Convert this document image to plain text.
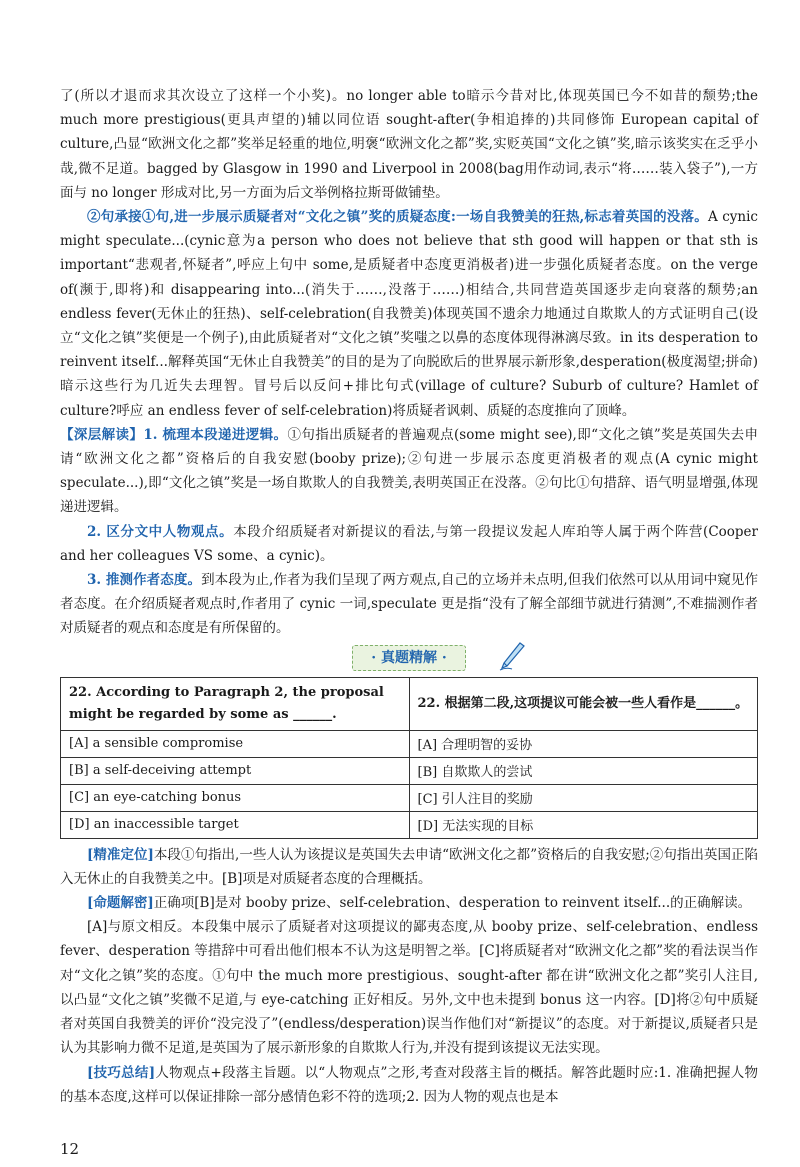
了(所以才退而求其次设立了这样一个小奖)。no longer able to暗示今昔对比,体现英国已今不如昔的颓势;the much more prestigious(更具声望的)辅以同位语 sought-after(争相追捧的)共同修饰 European capital of culture,凸显“欧洲文化之都”奖举足轻重的地位,明褒“欧洲文化之都”奖,实贬英国“文化之镇”奖,暗示该奖实在乏乎小哉,微不足道。bagged by Glasgow in 1990 and Liverpool in 2008(bag用作动词,表示“将……装入袋子”),一方面与 no longer 形成对比,另一方面为后文举例格拉斯哥做铺垫。

②句承接①句,进一步展示质疑者对“文化之镇”奖的质疑态度:一场自我赞美的狂热,标志着英国的没落。A cynic might speculate...(cynic意为a person who does not believe that sth good will happen or that sth is important“悲观者,怀疑者”,呼应上句中 some,是质疑者中态度更消极者)进一步强化质疑者态度。on the verge of(濒于,即将)和 disappearing into...(消失于……,没落于……)相结合,共同营造英国逐步走向衰落的颓势;an endless fever(无休止的狂热)、self-celebration(自我赞美)体现英国不遗余力地通过自欺欺人的方式证明自己(设立“文化之镇”奖便是一个例子),由此质疑者对“文化之镇”奖嗤之以鼻的态度体现得淋漓尽致。in its desperation to reinvent itself...解释英国“无休止自我赞美”的目的是为了向脱欧后的世界展示新形象,desperation(极度渴望;拼命)暗示这些行为几近失去理智。冒号后以反问+排比句式(village of culture? Suburb of culture? Hamlet of culture?呼应 an endless fever of self-celebration)将质疑者讽刺、质疑的态度推向了顶峰。

【深层解读】1. 梳理本段递进逻辑。①句指出质疑者的普遍观点(some might see),即“文化之镇”奖是英国失去申请“欧洲文化之都”资格后的自我安慰(booby prize);②句进一步展示态度更消极者的观点(A cynic might speculate...),即“文化之镇”奖是一场自欺欺人的自我赞美,表明英国正在没落。②句比①句措辞、语气明显增强,体现递进逻辑。

2. 区分文中人物观点。本段介绍质疑者对新提议的看法,与第一段提议发起人库珀等人属于两个阵营(Cooper and her colleagues VS some、a cynic)。

3. 推测作者态度。到本段为止,作者为我们呈现了两方观点,自己的立场并未点明,但我们依然可以从用词中窥见作者态度。在介绍质疑者观点时,作者用了 cynic 一词,speculate 更是指“没有了解全部细节就进行猜测”,不难揣测作者对质疑者的观点和态度是有所保留的。

· 真题精解 ·
22. According to Paragraph 2, the proposal might be regarded by some as ______.	22. 根据第二段,这项提议可能会被一些人看作是______。
[A] a sensible compromise	[A] 合理明智的妥协
[B] a self-deceiving attempt	[B] 自欺欺人的尝试
[C] an eye-catching bonus	[C] 引人注目的奖励
[D] an inaccessible target	[D] 无法实现的目标

[精准定位]本段①句指出,一些人认为该提议是英国失去申请“欧洲文化之都”资格后的自我安慰;②句指出英国正陷入无休止的自我赞美之中。[B]项是对质疑者态度的合理概括。

[命题解密]正确项[B]是对 booby prize、self-celebration、desperation to reinvent itself...的正确解读。

[A]与原文相反。本段集中展示了质疑者对这项提议的鄙夷态度,从 booby prize、self-celebration、endless fever、desperation 等措辞中可看出他们根本不认为这是明智之举。[C]将质疑者对“欧洲文化之都”奖的看法误当作对“文化之镇”奖的态度。①句中 the much more prestigious、sought-after 都在讲“欧洲文化之都”奖引人注目,以凸显“文化之镇”奖微不足道,与 eye-catching 正好相反。另外,文中也未提到 bonus 这一内容。[D]将②句中质疑者对英国自我赞美的评价“没完没了”(endless/desperation)误当作他们对“新提议”的态度。对于新提议,质疑者只是认为其影响力微不足道,是英国为了展示新形象的自欺欺人行为,并没有提到该提议无法实现。

[技巧总结]人物观点+段落主旨题。以“人物观点”之形,考查对段落主旨的概括。解答此题时应:1. 准确把握人物的基本态度,这样可以保证排除一部分感情色彩不符的选项;2. 因为人物的观点也是本

12
